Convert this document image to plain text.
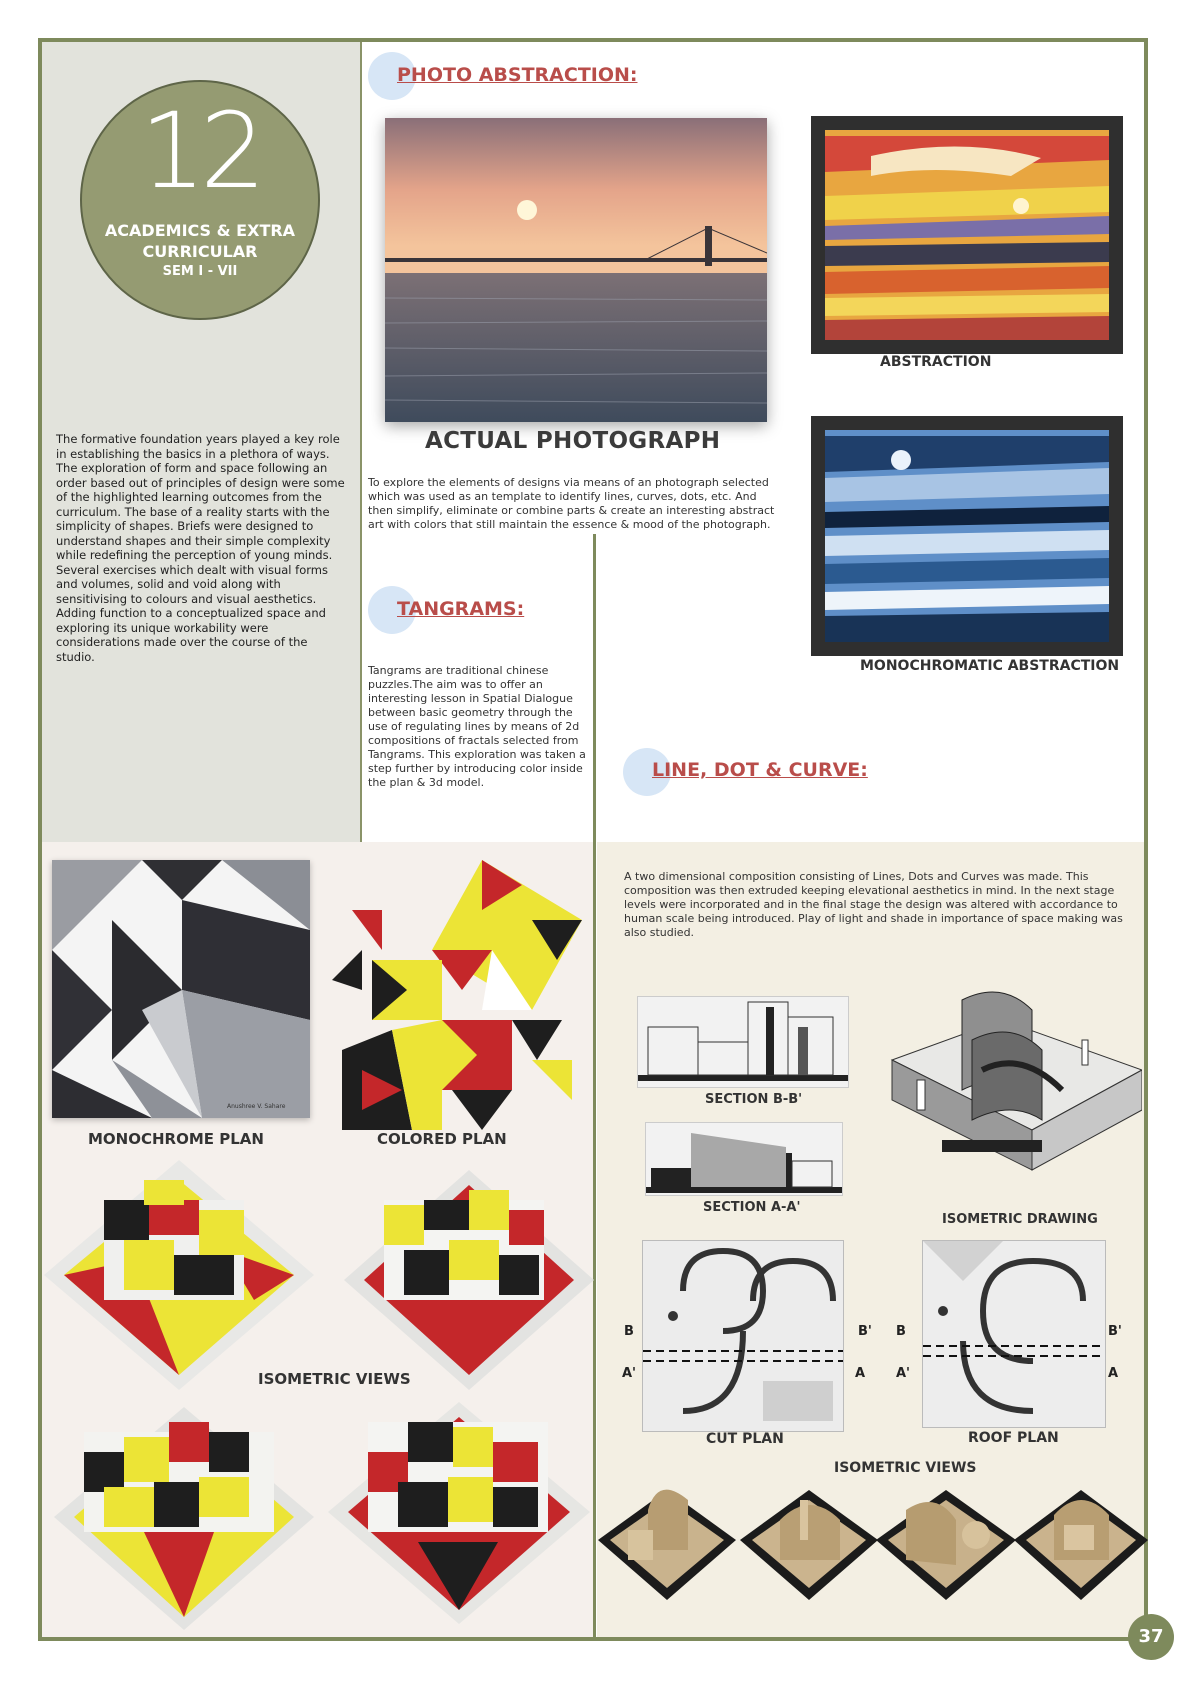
12
ACADEMICS & EXTRA
CURRICULAR
SEM I - VII
The formative foundation years played a key role in establishing the basics in a plethora of ways. The exploration of form and space following an order based out of principles of design were some of the highlighted learning outcomes from the curriculum. The base of a reality starts with the simplicity of shapes. Briefs were designed to understand shapes and their simple complexity while redefining the perception of young minds. Several exercises which dealt with visual forms and volumes, solid and void along with sensitivising to colours and visual aesthetics. Adding function to a conceptualized space and exploring its unique workability were considerations made over the course of the studio.
PHOTO ABSTRACTION:
ACTUAL PHOTOGRAPH
To explore the elements of designs via means of an photograph selected which was used as an template to identify lines, curves, dots, etc. And then simplify, eliminate or combine parts & create an interesting abstract art with colors that still maintain the essence & mood of the photograph.
ABSTRACTION
MONOCHROMATIC ABSTRACTION
TANGRAMS:
Tangrams are traditional chinese puzzles.The aim was to offer an interesting lesson in Spatial Dialogue between basic geometry through the use of regulating lines by means of 2d compositions of fractals selected from Tangrams. This exploration was taken a step further by introducing color inside the plan & 3d model.
LINE, DOT & CURVE:
Anushree V. Sahare
MONOCHROME PLAN	COLORED PLAN
ISOMETRIC VIEWS
A two dimensional composition consisting of Lines, Dots and Curves was made. This composition was then extruded keeping elevational aesthetics in mind. In the next stage levels were incorporated and in the final stage the design was altered with accordance to human scale being introduced. Play of light and shade in importance of space making was also studied.
SECTION B-B'
SECTION A-A'
ISOMETRIC DRAWING
B	B'
A'	A
CUT PLAN
B	B'
A'	A
ROOF PLAN
ISOMETRIC VIEWS
37
